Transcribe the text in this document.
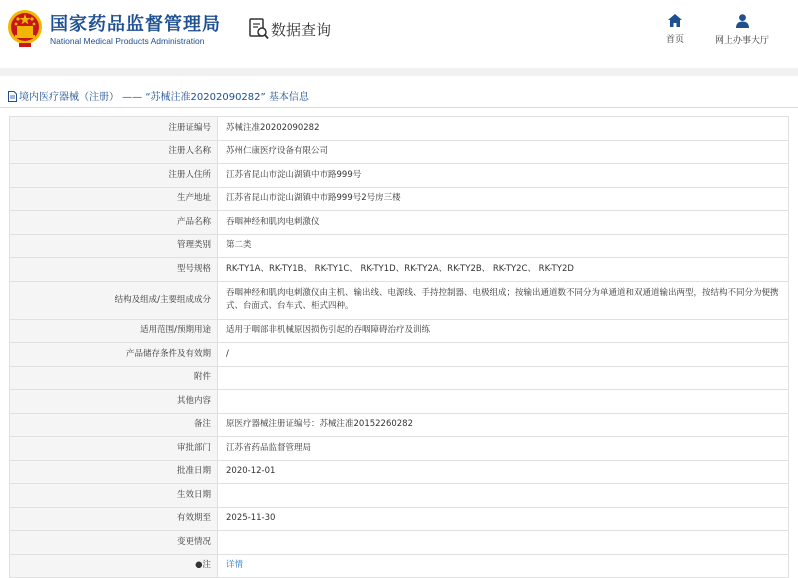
国家药品监督管理局
National Medical Products Administration
数据查询
首页	网上办事大厅
境内医疗器械（注册） —— “苏械注准20202090282” 基本信息
注册证编号	苏械注准20202090282
注册人名称	苏州仁康医疗设备有限公司
注册人住所	江苏省昆山市淀山湖镇中市路999号
生产地址	江苏省昆山市淀山湖镇中市路999号2号房三楼
产品名称	吞咽神经和肌肉电刺激仪
管理类别	第二类
型号规格	RK-TY1A、RK-TY1B、 RK-TY1C、 RK-TY1D、RK-TY2A、RK-TY2B、 RK-TY2C、 RK-TY2D
结构及组成/主要组成成分	吞咽神经和肌肉电刺激仪由主机、输出线、电源线、手持控制器、电极组成；按输出通道数不同分为单通道和双通道输出两型，按结构不同分为便携式、台面式、台车式、柜式四种。
适用范围/预期用途	适用于咽部非机械原因损伤引起的吞咽障碍治疗及训练
产品储存条件及有效期	/
附件	
其他内容	
备注	原医疗器械注册证编号：苏械注准20152260282
审批部门	江苏省药品监督管理局
批准日期	2020-12-01
生效日期	
有效期至	2025-11-30
变更情况	
●注	详情
